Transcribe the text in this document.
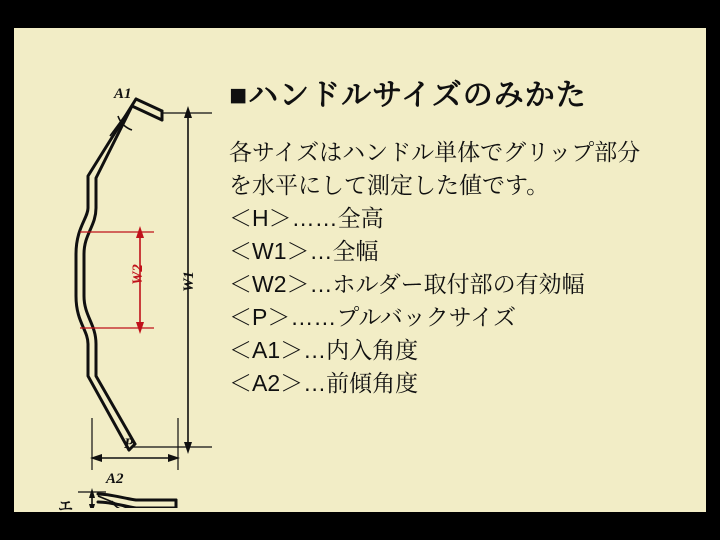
A1
W1
W2
P
A2
エ
■ハンドルサイズのみかた
各サイズはハンドル単体でグリップ部分
を水平にして測定した値です。
＜H＞……全高
＜W1＞…全幅
＜W2＞…ホルダー取付部の有効幅
＜P＞……プルバックサイズ
＜A1＞…内入角度
＜A2＞…前傾角度
